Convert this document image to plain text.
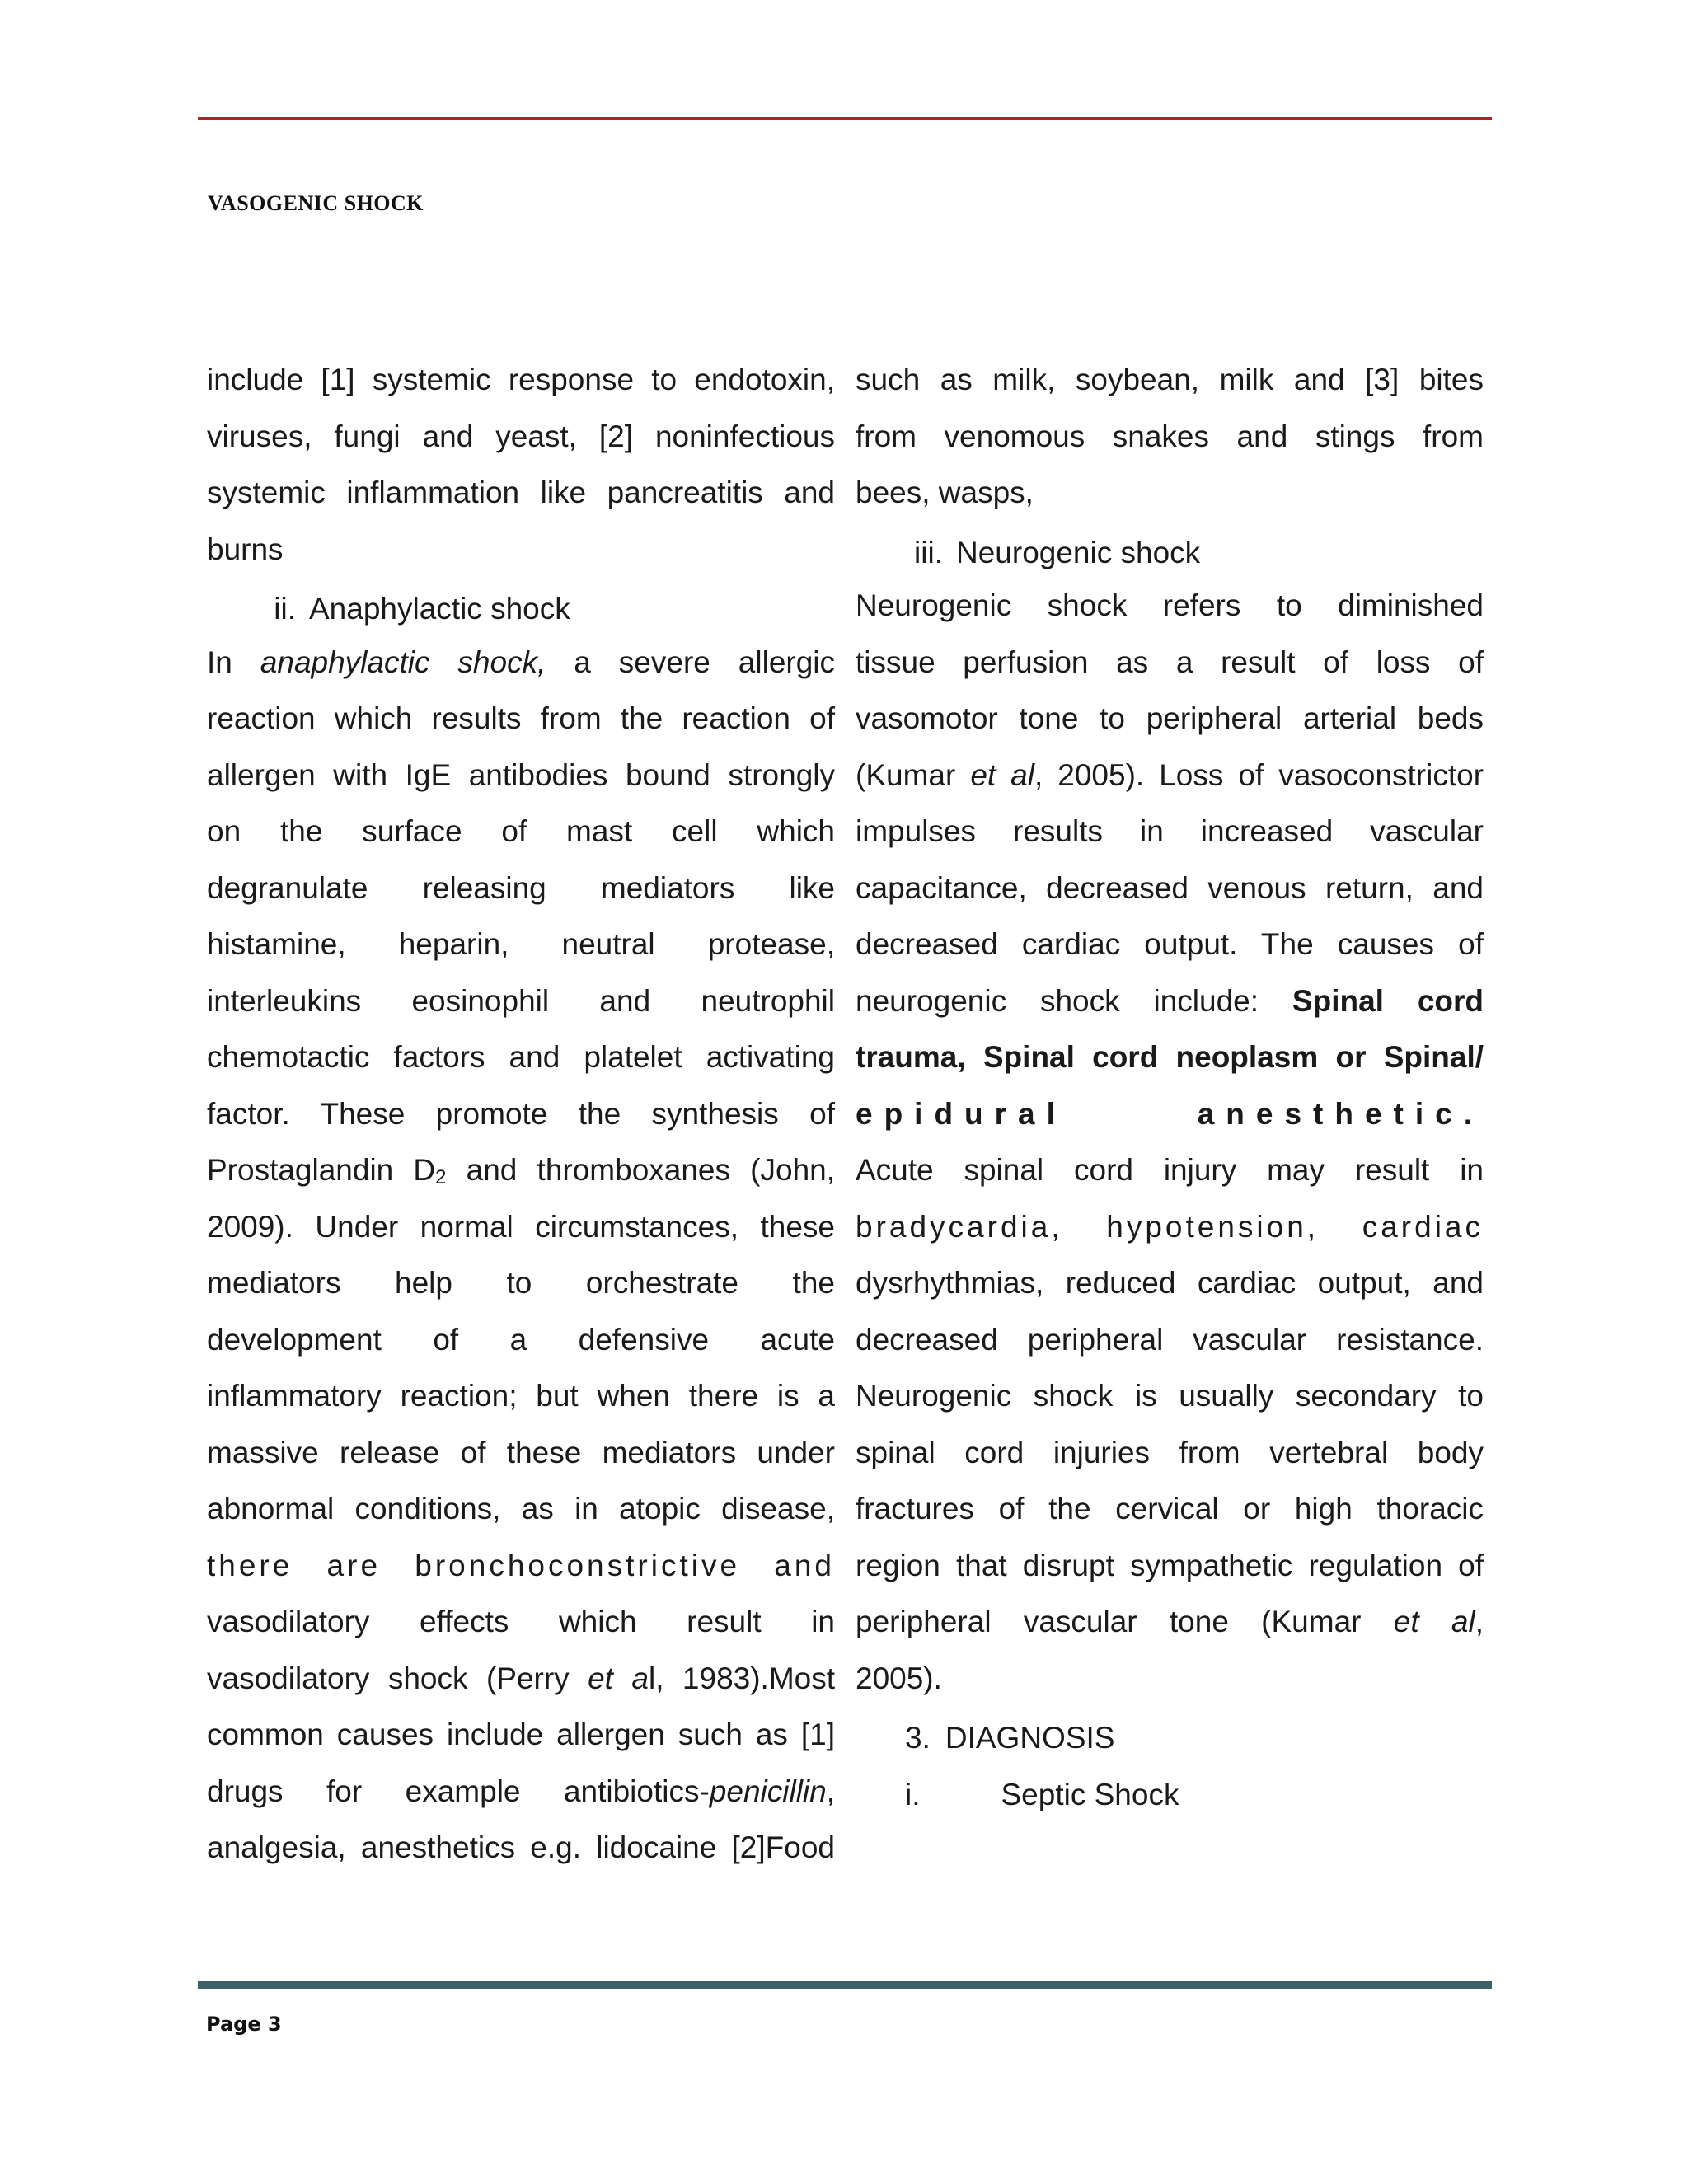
VASOGENIC SHOCK
include [1] systemic response to endotoxin,
viruses, fungi and yeast, [2] noninfectious
systemic inflammation like pancreatitis and
burns
ii. Anaphylactic shock
In anaphylactic shock, a severe allergic
reaction which results from the reaction of
allergen with IgE antibodies bound strongly
on the surface of mast cell which
degranulate releasing mediators like
histamine, heparin, neutral protease,
interleukins eosinophil and neutrophil
chemotactic factors and platelet activating
factor. These promote the synthesis of
Prostaglandin $D_2$ and thromboxanes (John,
2009). Under normal circumstances, these
mediators help to orchestrate the
development of a defensive acute
inflammatory reaction; but when there is a
massive release of these mediators under
abnormal conditions, as in atopic disease,
there are bronchoconstrictive and
vasodilatory effects which result in
vasodilatory shock (Perry et al, 1983).Most
common causes include allergen such as [1]
drugs for example antibiotics-penicillin,
analgesia, anesthetics e.g. lidocaine [2]Food
such as milk, soybean, milk and [3] bites
from venomous snakes and stings from
bees, wasps,
iii. Neurogenic shock
Neurogenic shock refers to diminished
tissue perfusion as a result of loss of
vasomotor tone to peripheral arterial beds
(Kumar et al, 2005). Loss of vasoconstrictor
impulses results in increased vascular
capacitance, decreased venous return, and
decreased cardiac output. The causes of
neurogenic shock include: Spinal cord
trauma, Spinal cord neoplasm or Spinal/
epidural anesthetic.
Acute spinal cord injury may result in
bradycardia, hypotension, cardiac
dysrhythmias, reduced cardiac output, and
decreased peripheral vascular resistance.
Neurogenic shock is usually secondary to
spinal cord injuries from vertebral body
fractures of the cervical or high thoracic
region that disrupt sympathetic regulation of
peripheral vascular tone (Kumar et al,
2005).
3. DIAGNOSIS
i.	Septic Shock
Page 3
